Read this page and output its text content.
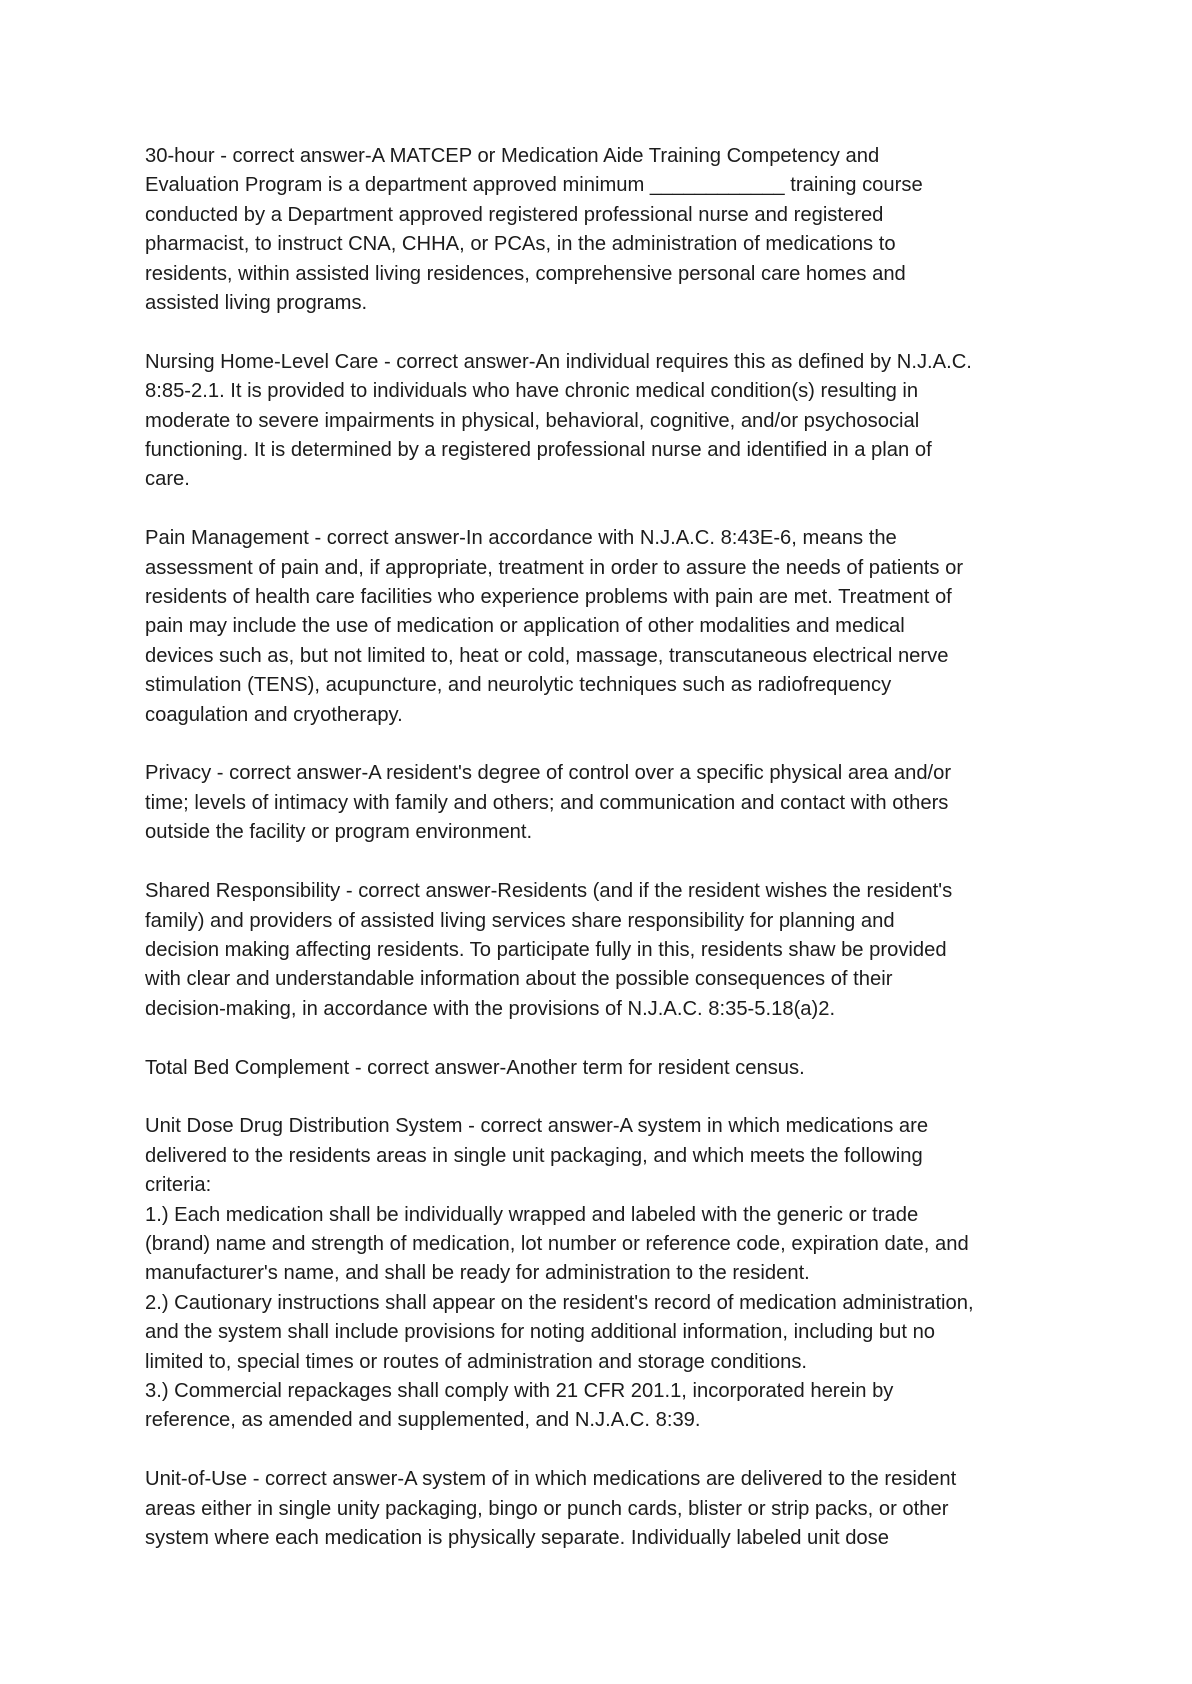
30-hour - correct answer-A MATCEP or Medication Aide Training Competency and
Evaluation Program is a department approved minimum ____________ training course
conducted by a Department approved registered professional nurse and registered
pharmacist, to instruct CNA, CHHA, or PCAs, in the administration of medications to
residents, within assisted living residences, comprehensive personal care homes and
assisted living programs.
Nursing Home-Level Care - correct answer-An individual requires this as defined by N.J.A.C.
8:85-2.1. It is provided to individuals who have chronic medical condition(s) resulting in
moderate to severe impairments in physical, behavioral, cognitive, and/or psychosocial
functioning. It is determined by a registered professional nurse and identified in a plan of
care.
Pain Management - correct answer-In accordance with N.J.A.C. 8:43E-6, means the
assessment of pain and, if appropriate, treatment in order to assure the needs of patients or
residents of health care facilities who experience problems with pain are met. Treatment of
pain may include the use of medication or application of other modalities and medical
devices such as, but not limited to, heat or cold, massage, transcutaneous electrical nerve
stimulation (TENS), acupuncture, and neurolytic techniques such as radiofrequency
coagulation and cryotherapy.
Privacy - correct answer-A resident's degree of control over a specific physical area and/or
time; levels of intimacy with family and others; and communication and contact with others
outside the facility or program environment.
Shared Responsibility - correct answer-Residents (and if the resident wishes the resident's
family) and providers of assisted living services share responsibility for planning and
decision making affecting residents. To participate fully in this, residents shaw be provided
with clear and understandable information about the possible consequences of their
decision-making, in accordance with the provisions of N.J.A.C. 8:35-5.18(a)2.
Total Bed Complement - correct answer-Another term for resident census.
Unit Dose Drug Distribution System - correct answer-A system in which medications are
delivered to the residents areas in single unit packaging, and which meets the following
criteria:
1.) Each medication shall be individually wrapped and labeled with the generic or trade
(brand) name and strength of medication, lot number or reference code, expiration date, and
manufacturer's name, and shall be ready for administration to the resident.
2.) Cautionary instructions shall appear on the resident's record of medication administration,
and the system shall include provisions for noting additional information, including but no
limited to, special times or routes of administration and storage conditions.
3.) Commercial repackages shall comply with 21 CFR 201.1, incorporated herein by
reference, as amended and supplemented, and N.J.A.C. 8:39.
Unit-of-Use - correct answer-A system of in which medications are delivered to the resident
areas either in single unity packaging, bingo or punch cards, blister or strip packs, or other
system where each medication is physically separate. Individually labeled unit dose
